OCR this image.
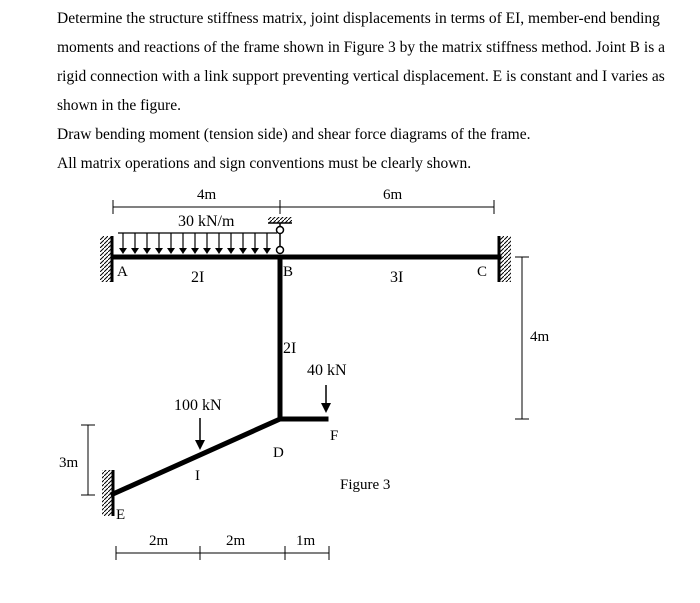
Determine the structure stiffness matrix, joint displacements in terms of EI, member-end bending moments and reactions of the frame shown in Figure 3 by the matrix stiffness method. Joint B is a rigid connection with a link support preventing vertical displacement. E is constant and I varies as shown in the figure.

Draw bending moment (tension side) and shear force diagrams of the frame.

All matrix operations and sign conventions must be clearly shown.

4m	6m
30 kN/m
40 kN
100 kN
A	B	C
D
E
F
I
2I	3I
2I
4m
3m
2m	2m	1m
Figure 3
